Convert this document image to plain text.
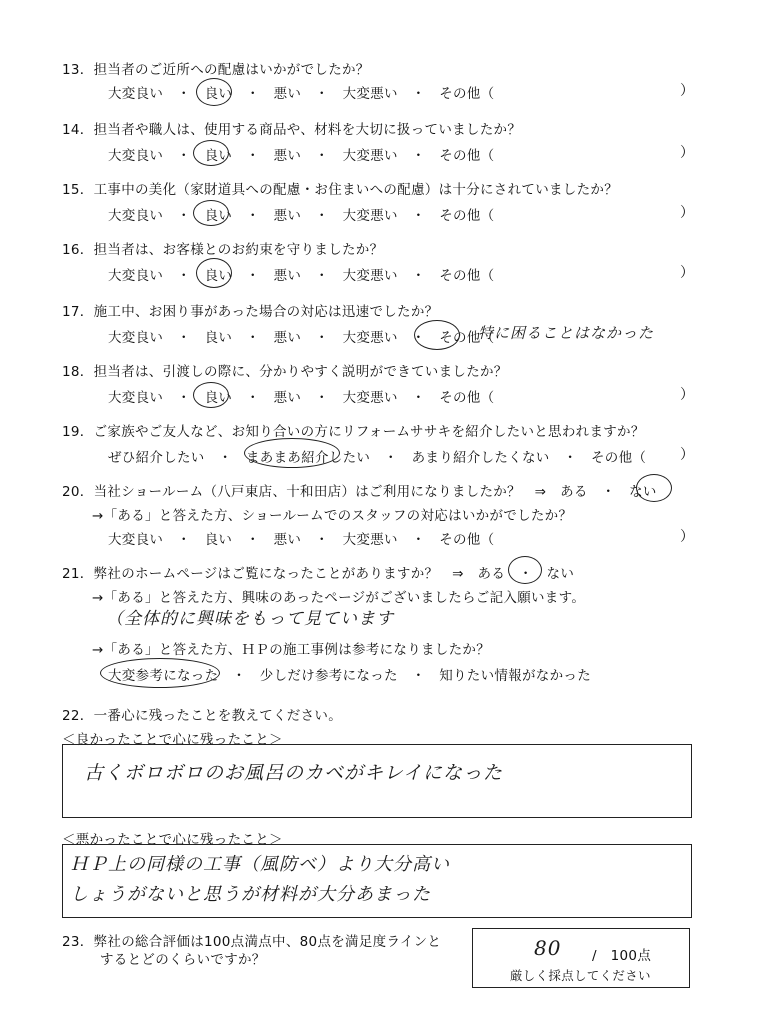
13．担当者のご近所への配慮はいかがでしたか？
大変良い　・　良い　・　悪い　・　大変悪い　・　その他（	）
14．担当者や職人は、使用する商品や、材料を大切に扱っていましたか？
大変良い　・　良い　・　悪い　・　大変悪い　・　その他（	）
15．工事中の美化（家財道具への配慮・お住まいへの配慮）は十分にされていましたか？
大変良い　・　良い　・　悪い　・　大変悪い　・　その他（	）
16．担当者は、お客様とのお約束を守りましたか？
大変良い　・　良い　・　悪い　・　大変悪い　・　その他（	）
17．施工中、お困り事があった場合の対応は迅速でしたか？
大変良い　・　良い　・　悪い　・　大変悪い　・　その他（
特に困ることはなかった
18．担当者は、引渡しの際に、分かりやすく説明ができていましたか？
大変良い　・　良い　・　悪い　・　大変悪い　・　その他（	）
19．ご家族やご友人など、お知り合いの方にリフォームササキを紹介したいと思われますか？
ぜひ紹介したい　・　まあまあ紹介したい　・　あまり紹介したくない　・　その他（ ）
20．当社ショールーム（八戸東店、十和田店）はご利用になりましたか？　⇒　ある　・　ない
→「ある」と答えた方、ショールームでのスタッフの対応はいかがでしたか？
大変良い　・　良い　・　悪い　・　大変悪い　・　その他（	）
21．弊社のホームページはご覧になったことがありますか？　⇒　ある　・　ない
→「ある」と答えた方、興味のあったページがございましたらご記入願います。
（全体的に興味をもって見ています
→「ある」と答えた方、ＨＰの施工事例は参考になりましたか？
大変参考になった　・　少しだけ参考になった　・　知りたい情報がなかった
22．一番心に残ったことを教えてください。
＜良かったことで心に残ったこと＞
古くボロボロのお風呂のカベがキレイになった
＜悪かったことで心に残ったこと＞
ＨＰ上の同様の工事（風防ベ）より大分高い
しょうがないと思うが材料が大分あまった
23．弊社の総合評価は100点満点中、80点を満足度ラインと
するとどのくらいですか？	80 /　100点
厳しく採点してください
